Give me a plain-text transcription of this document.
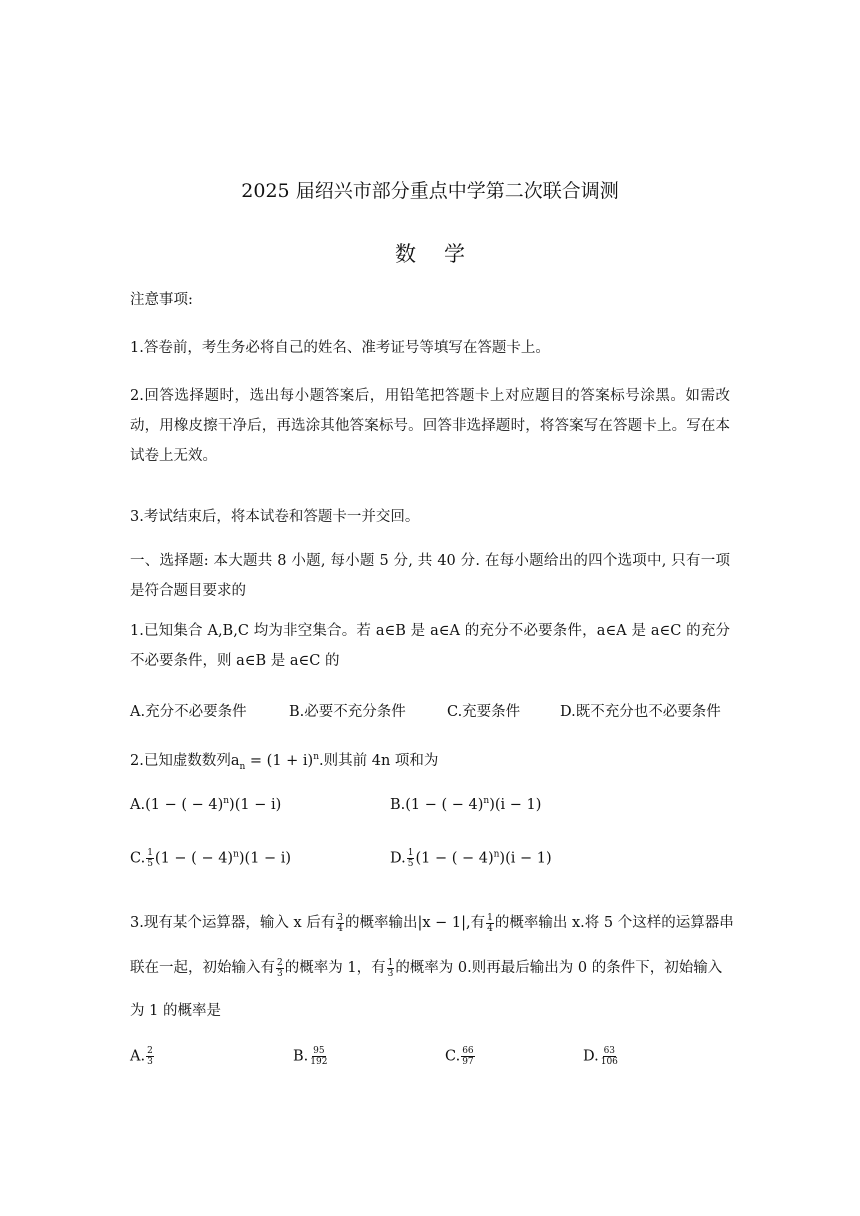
2025 届绍兴市部分重点中学第二次联合调测
数学
注意事项:
1.答卷前，考生务必将自己的姓名、准考证号等填写在答题卡上。
2.回答选择题时，选出每小题答案后，用铅笔把答题卡上对应题目的答案标号涂黑。如需改动，用橡皮擦干净后，再选涂其他答案标号。回答非选择题时，将答案写在答题卡上。写在本试卷上无效。
3.考试结束后，将本试卷和答题卡一并交回。
一、选择题: 本大题共 8 小题, 每小题 5 分, 共 40 分. 在每小题给出的四个选项中, 只有一项是符合题目要求的
1.已知集合 A,B,C 均为非空集合。若 a∈B 是 a∈A 的充分不必要条件，a∈A 是 a∈C 的充分不必要条件，则 a∈B 是 a∈C 的
A.充分不必要条件	B.必要不充分条件	C.充要条件	D.既不充分也不必要条件
2.已知虚数数列$a_n = (1 + i)^n$.则其前 4n 项和为
A.(1 − ( − 4)$^n$)(1 − i)	B.(1 − ( − 4)$^n$)(i − 1)
C. $\frac{1}{5} (1$ − ( − 4)$^n$)(1 − i)	D. $\frac{1}{5} (1$ − ( − 4)$^n$)(i − 1)
3.现有某个运算器，输入 x 后有 $\frac{3}{4}$ 的概率输出|x − 1|,有 $\frac{1}{4}$ 的概率输出 x.将 5 个这样的运算器串
联在一起，初始输入有 $\frac{2}{3}$ 的概率为 1，有 $\frac{1}{3}$ 的概率为 0.则再最后输出为 0 的条件下，初始输入
为 1 的概率是
A. $\frac{2}{3}$	B. $\frac{95}{192}$	C. $\frac{66}{97}$	D. $\frac{63}{106}$
